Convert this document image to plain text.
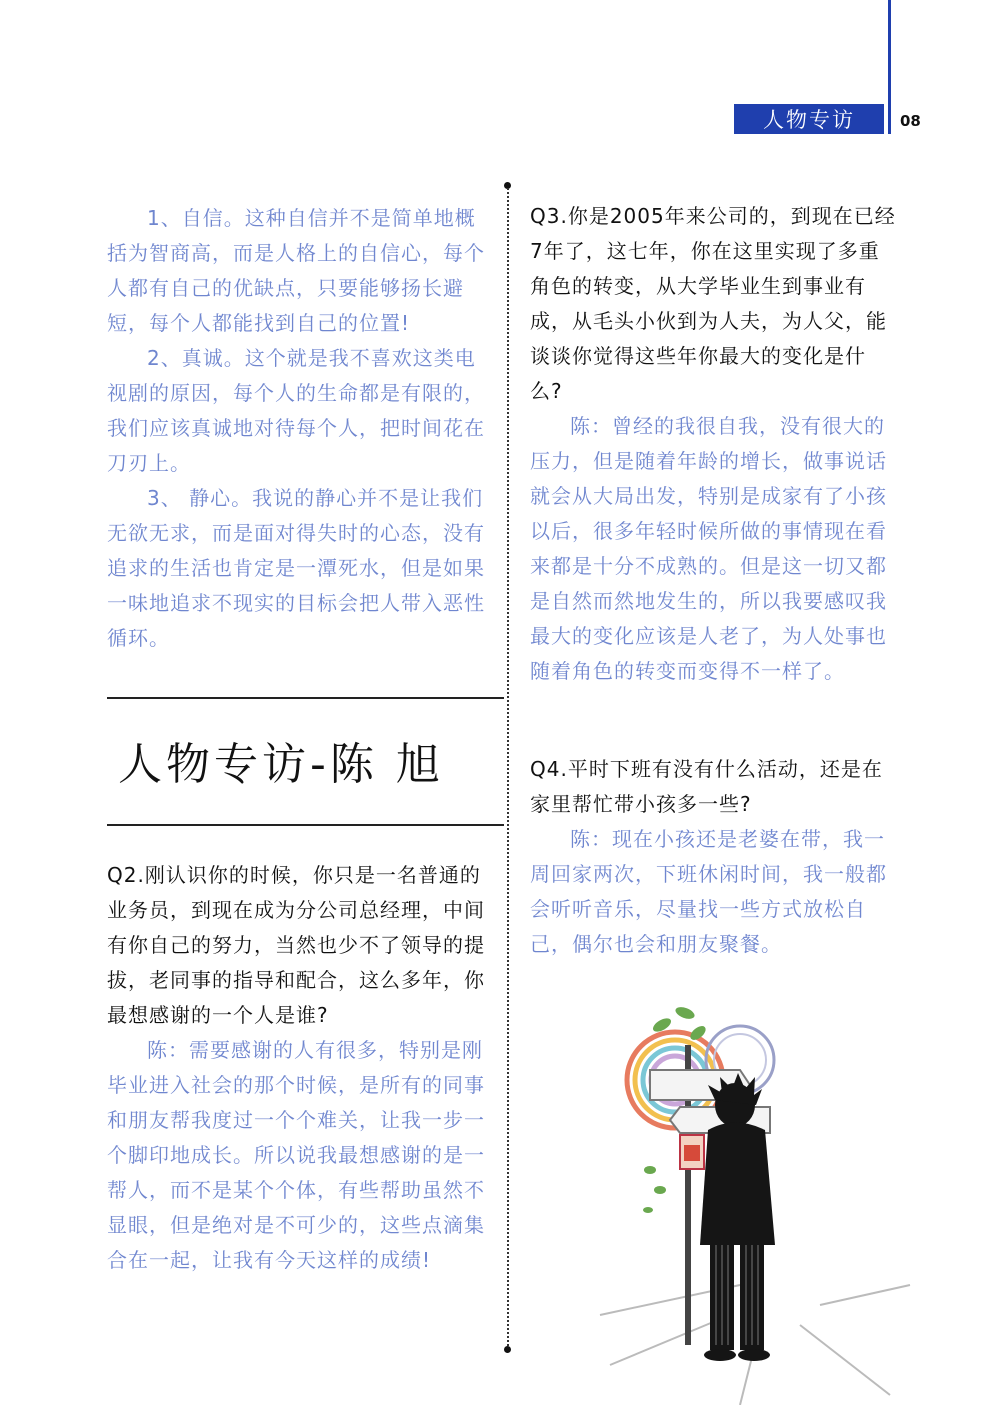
人物专访	08

1、自信。这种自信并不是简单地概括为智商高，而是人格上的自信心，每个人都有自己的优缺点，只要能够扬长避短，每个人都能找到自己的位置!

2、真诚。这个就是我不喜欢这类电视剧的原因，每个人的生命都是有限的，我们应该真诚地对待每个人，把时间花在刀刃上。

3、 静心。我说的静心并不是让我们无欲无求，而是面对得失时的心态，没有追求的生活也肯定是一潭死水，但是如果一味地追求不现实的目标会把人带入恶性循环。

人物专访-陈 旭

Q2.刚认识你的时候，你只是一名普通的业务员，到现在成为分公司总经理，中间有你自己的努力，当然也少不了领导的提拔，老同事的指导和配合，这么多年，你最想感谢的一个人是谁?

陈：需要感谢的人有很多，特别是刚毕业进入社会的那个时候，是所有的同事和朋友帮我度过一个个难关，让我一步一个脚印地成长。所以说我最想感谢的是一帮人，而不是某个个体，有些帮助虽然不显眼，但是绝对是不可少的，这些点滴集合在一起，让我有今天这样的成绩!

Q3.你是2005年来公司的，到现在已经7年了，这七年，你在这里实现了多重角色的转变，从大学毕业生到事业有成，从毛头小伙到为人夫，为人父，能谈谈你觉得这些年你最大的变化是什么?

陈：曾经的我很自我，没有很大的压力，但是随着年龄的增长，做事说话就会从大局出发，特别是成家有了小孩以后，很多年轻时候所做的事情现在看来都是十分不成熟的。但是这一切又都是自然而然地发生的，所以我要感叹我最大的变化应该是人老了，为人处事也随着角色的转变而变得不一样了。

Q4.平时下班有没有什么活动，还是在家里帮忙带小孩多一些?

陈：现在小孩还是老婆在带，我一周回家两次，下班休闲时间，我一般都会听听音乐，尽量找一些方式放松自己，偶尔也会和朋友聚餐。
